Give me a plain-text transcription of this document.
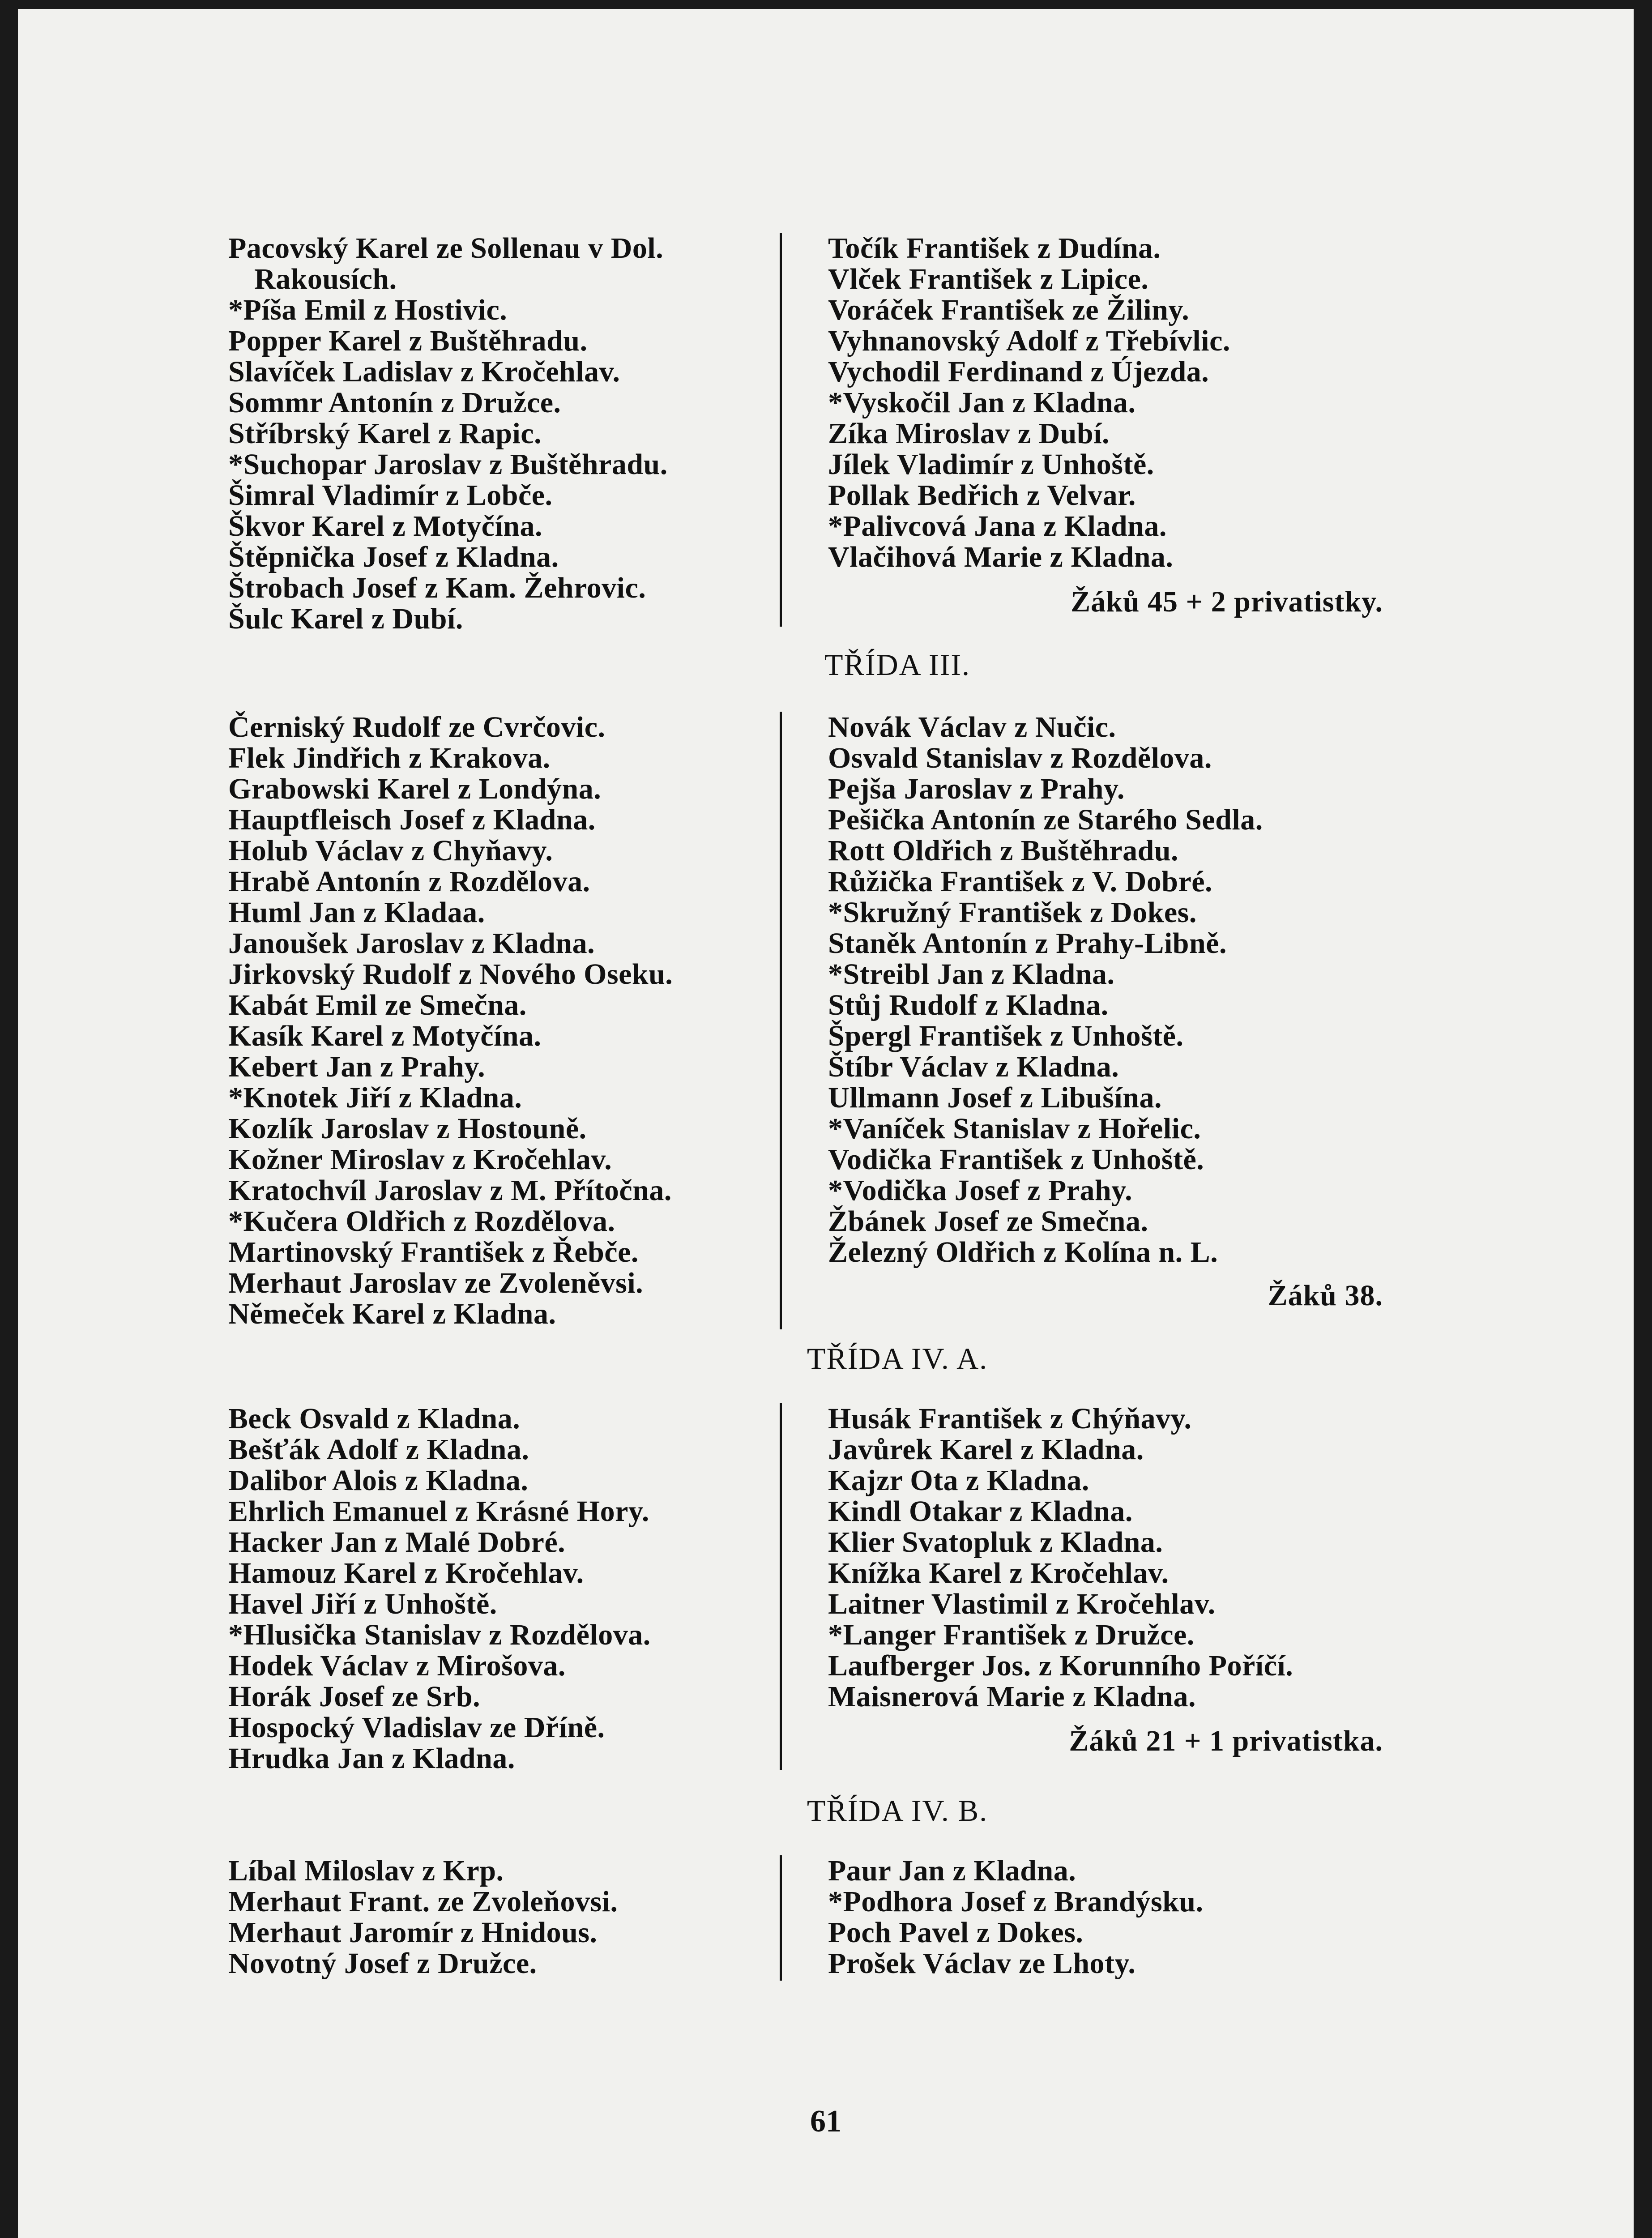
Pacovský Karel ze Sollenau v Dol.
Rakousích.
*Píša Emil z Hostivic.
Popper Karel z Buštěhradu.
Slavíček Ladislav z Kročehlav.
Sommr Antonín z Družce.
Stříbrský Karel z Rapic.
*Suchopar Jaroslav z Buštěhradu.
Šimral Vladimír z Lobče.
Škvor Karel z Motyčína.
Štěpnička Josef z Kladna.
Štrobach Josef z Kam. Žehrovic.
Šulc Karel z Dubí.
Točík František z Dudína.
Vlček František z Lipice.
Voráček František ze Žiliny.
Vyhnanovský Adolf z Třebívlic.
Vychodil Ferdinand z Újezda.
*Vyskočil Jan z Kladna.
Zíka Miroslav z Dubí.
Jílek Vladimír z Unhoště.
Pollak Bedřich z Velvar.
*Palivcová Jana z Kladna.
Vlačihová Marie z Kladna.
Žáků 45 + 2 privatistky.
TŘÍDA III.
Černiský Rudolf ze Cvrčovic.
Flek Jindřich z Krakova.
Grabowski Karel z Londýna.
Hauptfleisch Josef z Kladna.
Holub Václav z Chyňavy.
Hrabě Antonín z Rozdělova.
Huml Jan z Kladaa.
Janoušek Jaroslav z Kladna.
Jirkovský Rudolf z Nového Oseku.
Kabát Emil ze Smečna.
Kasík Karel z Motyčína.
Kebert Jan z Prahy.
*Knotek Jiří z Kladna.
Kozlík Jaroslav z Hostouně.
Kožner Miroslav z Kročehlav.
Kratochvíl Jaroslav z M. Přítočna.
*Kučera Oldřich z Rozdělova.
Martinovský František z Řebče.
Merhaut Jaroslav ze Zvoleněvsi.
Němeček Karel z Kladna.
Novák Václav z Nučic.
Osvald Stanislav z Rozdělova.
Pejša Jaroslav z Prahy.
Pešička Antonín ze Starého Sedla.
Rott Oldřich z Buštěhradu.
Růžička František z V. Dobré.
*Skružný František z Dokes.
Staněk Antonín z Prahy-Libně.
*Streibl Jan z Kladna.
Stůj Rudolf z Kladna.
Špergl František z Unhoště.
Štíbr Václav z Kladna.
Ullmann Josef z Libušína.
*Vaníček Stanislav z Hořelic.
Vodička František z Unhoště.
*Vodička Josef z Prahy.
Žbánek Josef ze Smečna.
Železný Oldřich z Kolína n. L.
Žáků 38.
TŘÍDA IV. A.
Beck Osvald z Kladna.
Bešťák Adolf z Kladna.
Dalibor Alois z Kladna.
Ehrlich Emanuel z Krásné Hory.
Hacker Jan z Malé Dobré.
Hamouz Karel z Kročehlav.
Havel Jiří z Unhoště.
*Hlusička Stanislav z Rozdělova.
Hodek Václav z Mirošova.
Horák Josef ze Srb.
Hospocký Vladislav ze Dříně.
Hrudka Jan z Kladna.
Husák František z Chýňavy.
Javůrek Karel z Kladna.
Kajzr Ota z Kladna.
Kindl Otakar z Kladna.
Klier Svatopluk z Kladna.
Knížka Karel z Kročehlav.
Laitner Vlastimil z Kročehlav.
*Langer František z Družce.
Laufberger Jos. z Korunního Poříčí.
Maisnerová Marie z Kladna.
Žáků 21 + 1 privatistka.
TŘÍDA IV. B.
Líbal Miloslav z Krp.
Merhaut Frant. ze Zvoleňovsi.
Merhaut Jaromír z Hnidous.
Novotný Josef z Družce.
Paur Jan z Kladna.
*Podhora Josef z Brandýsku.
Poch Pavel z Dokes.
Prošek Václav ze Lhoty.
61
